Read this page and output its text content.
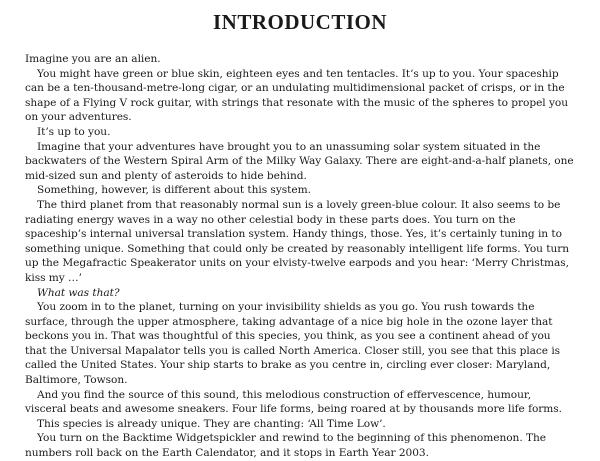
INTRODUCTION

Imagine you are an alien.

You might have green or blue skin, eighteen eyes and ten tentacles. It’s up to you. Your spaceship can be a ten-thousand-metre-long cigar, or an undulating multidimensional packet of crisps, or in the shape of a Flying V rock guitar, with strings that resonate with the music of the spheres to propel you on your adventures.

It’s up to you.

Imagine that your adventures have brought you to an unassuming solar system situated in the backwaters of the Western Spiral Arm of the Milky Way Galaxy. There are eight-and-a-half planets, one mid-sized sun and plenty of asteroids to hide behind.

Something, however, is different about this system.

The third planet from that reasonably normal sun is a lovely green-blue colour. It also seems to be radiating energy waves in a way no other celestial body in these parts does. You turn on the spaceship’s internal universal translation system. Handy things, those. Yes, it’s certainly tuning in to something unique. Something that could only be created by reasonably intelligent life forms. You turn up the Megafractic Speakerator units on your elvisty-twelve earpods and you hear: ‘Merry Christmas, kiss my …’

What was that?

You zoom in to the planet, turning on your invisibility shields as you go. You rush towards the surface, through the upper atmosphere, taking advantage of a nice big hole in the ozone layer that beckons you in. That was thoughtful of this species, you think, as you see a continent ahead of you that the Universal Mapalator tells you is called North America. Closer still, you see that this place is called the United States. Your ship starts to brake as you centre in, circling ever closer: Maryland, Baltimore, Towson.

And you find the source of this sound, this melodious construction of effervescence, humour, visceral beats and awesome sneakers. Four life forms, being roared at by thousands more life forms.

This species is already unique. They are chanting: ‘All Time Low’.

You turn on the Backtime Widgetspickler and rewind to the beginning of this phenomenon. The numbers roll back on the Earth Calendator, and it stops in Earth Year 2003.
